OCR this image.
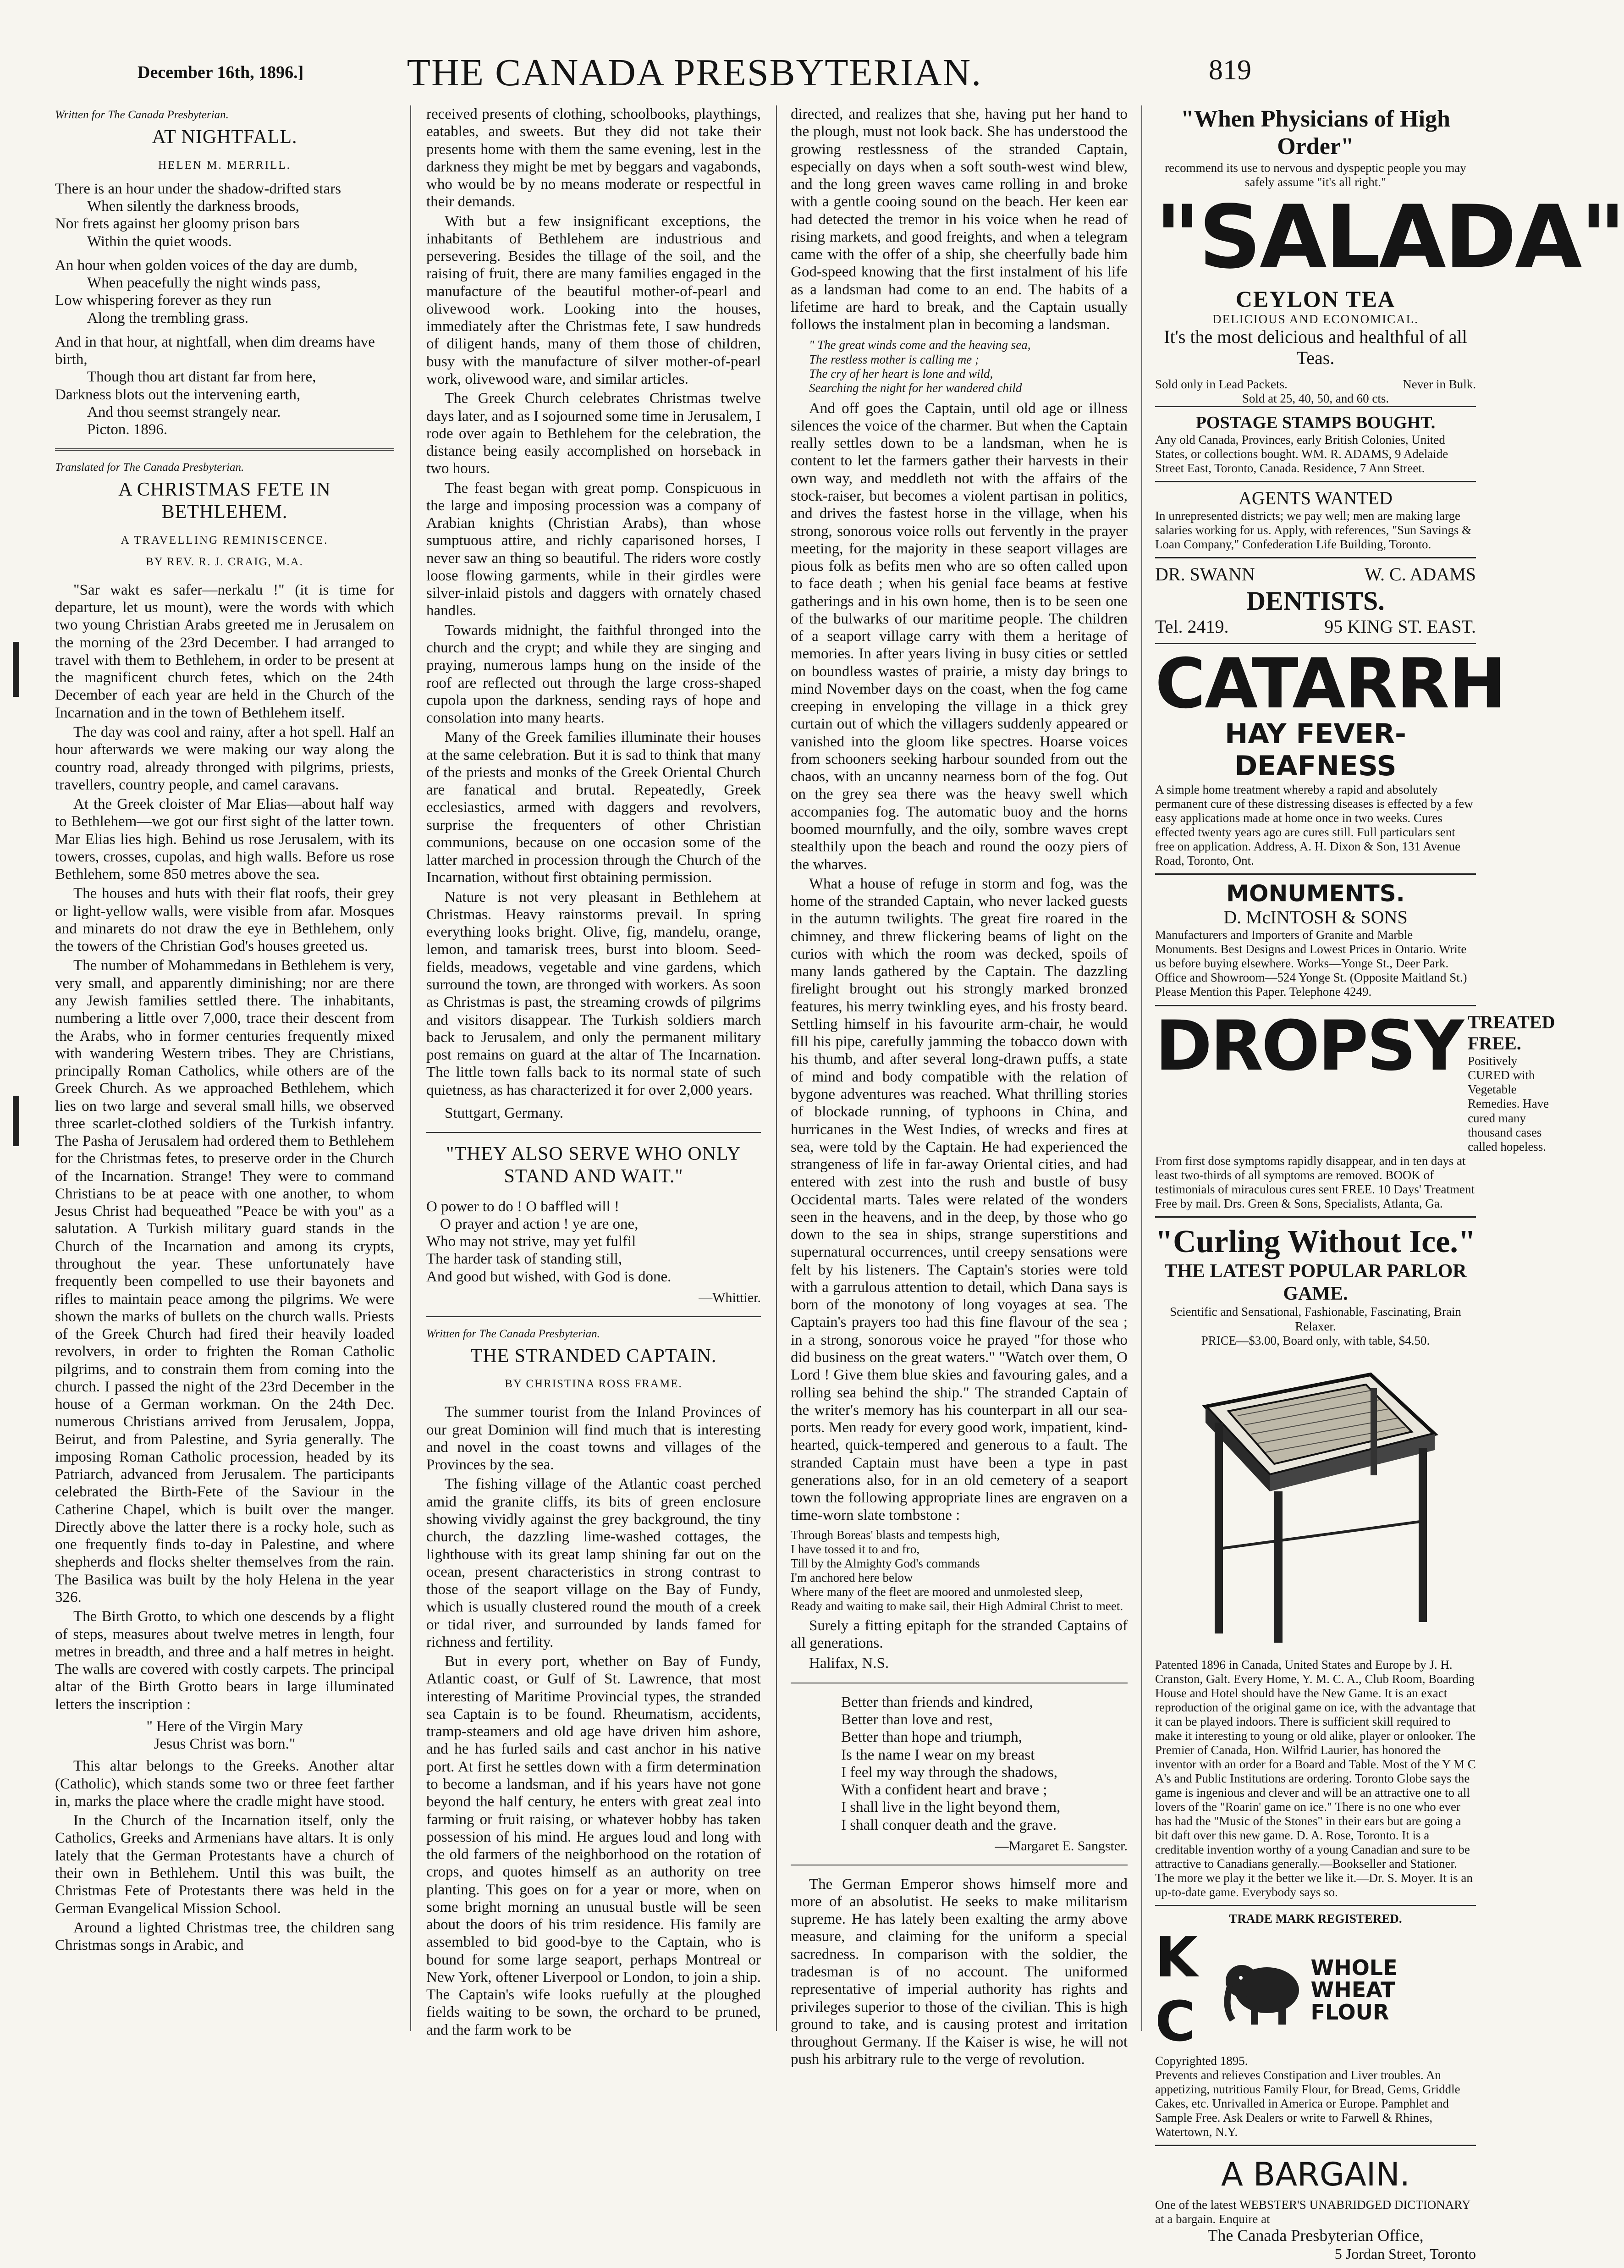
December 16th, 1896.]	THE CANADA PRESBYTERIAN.	819
Written for The Canada Presbyterian.
AT NIGHTFALL.
HELEN M. MERRILL.
There is an hour under the shadow-drifted stars
When silently the darkness broods,
Nor frets against her gloomy prison bars
Within the quiet woods.
An hour when golden voices of the day are dumb,
When peacefully the night winds pass,
Low whispering forever as they run
Along the trembling grass.
And in that hour, at nightfall, when dim dreams have birth,
Though thou art distant far from here,
Darkness blots out the intervening earth,
And thou seemst strangely near.
Picton. 1896.
Translated for The Canada Presbyterian.
A CHRISTMAS FETE IN BETHLEHEM.
A TRAVELLING REMINISCENCE.
BY REV. R. J. CRAIG, M.A.

"Sar wakt es safer—nerkalu !" (it is time for departure, let us mount), were the words with which two young Christian Arabs greeted me in Jerusalem on the morning of the 23rd December. I had arranged to travel with them to Bethlehem, in order to be present at the magnificent church fetes, which on the 24th December of each year are held in the Church of the Incarnation and in the town of Bethlehem itself.

The day was cool and rainy, after a hot spell. Half an hour afterwards we were making our way along the country road, already thronged with pilgrims, priests, travellers, country people, and camel caravans.

At the Greek cloister of Mar Elias—about half way to Bethlehem—we got our first sight of the latter town. Mar Elias lies high. Behind us rose Jerusalem, with its towers, crosses, cupolas, and high walls. Before us rose Bethlehem, some 850 metres above the sea.

The houses and huts with their flat roofs, their grey or light-yellow walls, were visible from afar. Mosques and minarets do not draw the eye in Bethlehem, only the towers of the Christian God's houses greeted us.

The number of Mohammedans in Bethlehem is very, very small, and apparently diminishing; nor are there any Jewish families settled there. The inhabitants, numbering a little over 7,000, trace their descent from the Arabs, who in former centuries frequently mixed with wandering Western tribes. They are Christians, principally Roman Catholics, while others are of the Greek Church. As we approached Bethlehem, which lies on two large and several small hills, we observed three scarlet-clothed soldiers of the Turkish infantry. The Pasha of Jerusalem had ordered them to Bethlehem for the Christmas fetes, to preserve order in the Church of the Incarnation. Strange! They were to command Christians to be at peace with one another, to whom Jesus Christ had bequeathed "Peace be with you" as a salutation. A Turkish military guard stands in the Church of the Incarnation and among its crypts, throughout the year. These unfortunately have frequently been compelled to use their bayonets and rifles to maintain peace among the pilgrims. We were shown the marks of bullets on the church walls. Priests of the Greek Church had fired their heavily loaded revolvers, in order to frighten the Roman Catholic pilgrims, and to constrain them from coming into the church. I passed the night of the 23rd December in the house of a German workman. On the 24th Dec. numerous Christians arrived from Jerusalem, Joppa, Beirut, and from Palestine, and Syria generally. The imposing Roman Catholic procession, headed by its Patriarch, advanced from Jerusalem. The participants celebrated the Birth-Fete of the Saviour in the Catherine Chapel, which is built over the manger. Directly above the latter there is a rocky hole, such as one frequently finds to-day in Palestine, and where shepherds and flocks shelter themselves from the rain. The Basilica was built by the holy Helena in the year 326.

The Birth Grotto, to which one descends by a flight of steps, measures about twelve metres in length, four metres in breadth, and three and a half metres in height. The walls are covered with costly carpets. The principal altar of the Birth Grotto bears in large illuminated letters the inscription :

" Here of the Virgin Mary
Jesus Christ was born."

This altar belongs to the Greeks. Another altar (Catholic), which stands some two or three feet farther in, marks the place where the cradle might have stood.

In the Church of the Incarnation itself, only the Catholics, Greeks and Armenians have altars. It is only lately that the German Protestants have a church of their own in Bethlehem. Until this was built, the Christmas Fete of Protestants there was held in the German Evangelical Mission School.

Around a lighted Christmas tree, the children sang Christmas songs in Arabic, and

received presents of clothing, schoolbooks, playthings, eatables, and sweets. But they did not take their presents home with them the same evening, lest in the darkness they might be met by beggars and vagabonds, who would be by no means moderate or respectful in their demands.

With but a few insignificant exceptions, the inhabitants of Bethlehem are industrious and persevering. Besides the tillage of the soil, and the raising of fruit, there are many families engaged in the manufacture of the beautiful mother-of-pearl and olivewood work. Looking into the houses, immediately after the Christmas fete, I saw hundreds of diligent hands, many of them those of children, busy with the manufacture of silver mother-of-pearl work, olivewood ware, and similar articles.

The Greek Church celebrates Christmas twelve days later, and as I sojourned some time in Jerusalem, I rode over again to Bethlehem for the celebration, the distance being easily accomplished on horseback in two hours.

The feast began with great pomp. Conspicuous in the large and imposing procession was a company of Arabian knights (Christian Arabs), than whose sumptuous attire, and richly caparisoned horses, I never saw an thing so beautiful. The riders wore costly loose flowing garments, while in their girdles were silver-inlaid pistols and daggers with ornately chased handles.

Towards midnight, the faithful thronged into the church and the crypt; and while they are singing and praying, numerous lamps hung on the inside of the roof are reflected out through the large cross-shaped cupola upon the darkness, sending rays of hope and consolation into many hearts.

Many of the Greek families illuminate their houses at the same celebration. But it is sad to think that many of the priests and monks of the Greek Oriental Church are fanatical and brutal. Repeatedly, Greek ecclesiastics, armed with daggers and revolvers, surprise the frequenters of other Christian communions, because on one occasion some of the latter marched in procession through the Church of the Incarnation, without first obtaining permission.

Nature is not very pleasant in Bethlehem at Christmas. Heavy rainstorms prevail. In spring everything looks bright. Olive, fig, mandelu, orange, lemon, and tamarisk trees, burst into bloom. Seed-fields, meadows, vegetable and vine gardens, which surround the town, are thronged with workers. As soon as Christmas is past, the streaming crowds of pilgrims and visitors disappear. The Turkish soldiers march back to Jerusalem, and only the permanent military post remains on guard at the altar of The Incarnation. The little town falls back to its normal state of such quietness, as has characterized it for over 2,000 years.

Stuttgart, Germany.
"THEY ALSO SERVE WHO ONLY STAND AND WAIT."
O power to do ! O baffled will !
O prayer and action ! ye are one,
Who may not strive, may yet fulfil
The harder task of standing still,
And good but wished, with God is done.
—Whittier.
Written for The Canada Presbyterian.
THE STRANDED CAPTAIN.
BY CHRISTINA ROSS FRAME.

The summer tourist from the Inland Provinces of our great Dominion will find much that is interesting and novel in the coast towns and villages of the Provinces by the sea.

The fishing village of the Atlantic coast perched amid the granite cliffs, its bits of green enclosure showing vividly against the grey background, the tiny church, the dazzling lime-washed cottages, the lighthouse with its great lamp shining far out on the ocean, present characteristics in strong contrast to those of the seaport village on the Bay of Fundy, which is usually clustered round the mouth of a creek or tidal river, and surrounded by lands famed for richness and fertility.

But in every port, whether on Bay of Fundy, Atlantic coast, or Gulf of St. Lawrence, that most interesting of Maritime Provincial types, the stranded sea Captain is to be found. Rheumatism, accidents, tramp-steamers and old age have driven him ashore, and he has furled sails and cast anchor in his native port. At first he settles down with a firm determination to become a landsman, and if his years have not gone beyond the half century, he enters with great zeal into farming or fruit raising, or whatever hobby has taken possession of his mind. He argues loud and long with the old farmers of the neighborhood on the rotation of crops, and quotes himself as an authority on tree planting. This goes on for a year or more, when on some bright morning an unusual bustle will be seen about the doors of his trim residence. His family are assembled to bid good-bye to the Captain, who is bound for some large seaport, perhaps Montreal or New York, oftener Liverpool or London, to join a ship. The Captain's wife looks ruefully at the ploughed fields waiting to be sown, the orchard to be pruned, and the farm work to be

directed, and realizes that she, having put her hand to the plough, must not look back. She has understood the growing restlessness of the stranded Captain, especially on days when a soft south-west wind blew, and the long green waves came rolling in and broke with a gentle cooing sound on the beach. Her keen ear had detected the tremor in his voice when he read of rising markets, and good freights, and when a telegram came with the offer of a ship, she cheerfully bade him God-speed knowing that the first instalment of his life as a landsman had come to an end. The habits of a lifetime are hard to break, and the Captain usually follows the instalment plan in becoming a landsman.

" The great winds come and the heaving sea,
The restless mother is calling me ;
The cry of her heart is lone and wild,
Searching the night for her wandered child

And off goes the Captain, until old age or illness silences the voice of the charmer. But when the Captain really settles down to be a landsman, when he is content to let the farmers gather their harvests in their own way, and meddleth not with the affairs of the stock-raiser, but becomes a violent partisan in politics, and drives the fastest horse in the village, when his strong, sonorous voice rolls out fervently in the prayer meeting, for the majority in these seaport villages are pious folk as befits men who are so often called upon to face death ; when his genial face beams at festive gatherings and in his own home, then is to be seen one of the bulwarks of our maritime people. The children of a seaport village carry with them a heritage of memories. In after years living in busy cities or settled on boundless wastes of prairie, a misty day brings to mind November days on the coast, when the fog came creeping in enveloping the village in a thick grey curtain out of which the villagers suddenly appeared or vanished into the gloom like spectres. Hoarse voices from schooners seeking harbour sounded from out the chaos, with an uncanny nearness born of the fog. Out on the grey sea there was the heavy swell which accompanies fog. The automatic buoy and the horns boomed mournfully, and the oily, sombre waves crept stealthily upon the beach and round the oozy piers of the wharves.

What a house of refuge in storm and fog, was the home of the stranded Captain, who never lacked guests in the autumn twilights. The great fire roared in the chimney, and threw flickering beams of light on the curios with which the room was decked, spoils of many lands gathered by the Captain. The dazzling firelight brought out his strongly marked bronzed features, his merry twinkling eyes, and his frosty beard. Settling himself in his favourite arm-chair, he would fill his pipe, carefully jamming the tobacco down with his thumb, and after several long-drawn puffs, a state of mind and body compatible with the relation of bygone adventures was reached. What thrilling stories of blockade running, of typhoons in China, and hurricanes in the West Indies, of wrecks and fires at sea, were told by the Captain. He had experienced the strangeness of life in far-away Oriental cities, and had entered with zest into the rush and bustle of busy Occidental marts. Tales were related of the wonders seen in the heavens, and in the deep, by those who go down to the sea in ships, strange superstitions and supernatural occurrences, until creepy sensations were felt by his listeners. The Captain's stories were told with a garrulous attention to detail, which Dana says is born of the monotony of long voyages at sea. The Captain's prayers too had this fine flavour of the sea ; in a strong, sonorous voice he prayed "for those who did business on the great waters." "Watch over them, O Lord ! Give them blue skies and favouring gales, and a rolling sea behind the ship." The stranded Captain of the writer's memory has his counterpart in all our sea-ports. Men ready for every good work, impatient, kind-hearted, quick-tempered and generous to a fault. The stranded Captain must have been a type in past generations also, for in an old cemetery of a seaport town the following appropriate lines are engraven on a time-worn slate tombstone :

Through Boreas' blasts and tempests high,
I have tossed it to and fro,
Till by the Almighty God's commands
I'm anchored here below
Where many of the fleet are moored and unmolested sleep,
Ready and waiting to make sail, their High Admiral Christ to meet.

Surely a fitting epitaph for the stranded Captains of all generations.

Halifax, N.S.
Better than friends and kindred,
Better than love and rest,
Better than hope and triumph,
Is the name I wear on my breast
I feel my way through the shadows,
With a confident heart and brave ;
I shall live in the light beyond them,
I shall conquer death and the grave.
—Margaret E. Sangster.

The German Emperor shows himself more and more of an absolutist. He seeks to make militarism supreme. He has lately been exalting the army above measure, and claiming for the uniform a special sacredness. In comparison with the soldier, the tradesman is of no account. The uniformed representative of imperial authority has rights and privileges superior to those of the civilian. This is high ground to take, and is causing protest and irritation throughout Germany. If the Kaiser is wise, he will not push his arbitrary rule to the verge of revolution.

"When Physicians of High Order"
recommend its use to nervous and dyspeptic people you may safely assume "it's all right."
"SALADA"
CEYLON TEA
DELICIOUS AND ECONOMICAL.
It's the most delicious and healthful of all Teas.
Sold only in Lead Packets.	Never in Bulk.
Sold at 25, 40, 50, and 60 cts.
POSTAGE STAMPS BOUGHT.
Any old Canada, Provinces, early British Colonies, United States, or collections bought. WM. R. ADAMS, 9 Adelaide Street East, Toronto, Canada. Residence, 7 Ann Street.
AGENTS WANTED
In unrepresented districts; we pay well; men are making large salaries working for us. Apply, with references, "Sun Savings & Loan Company," Confederation Life Building, Toronto.
DR. SWANN	W. C. ADAMS
DENTISTS.
Tel. 2419.	95 KING ST. EAST.
CATARRH
HAY FEVER-DEAFNESS
A simple home treatment whereby a rapid and absolutely permanent cure of these distressing diseases is effected by a few easy applications made at home once in two weeks. Cures effected twenty years ago are cures still. Full particulars sent free on application. Address, A. H. Dixon & Son, 131 Avenue Road, Toronto, Ont.
MONUMENTS.
D. McINTOSH & SONS
Manufacturers and Importers of Granite and Marble Monuments. Best Designs and Lowest Prices in Ontario. Write us before buying elsewhere. Works—Yonge St., Deer Park. Office and Showroom—524 Yonge St. (Opposite Maitland St.) Please Mention this Paper. Telephone 4249.
DROPSY TREATED FREE.
Positively CURED with Vegetable Remedies. Have cured many thousand cases called hopeless.
From first dose symptoms rapidly disappear, and in ten days at least two-thirds of all symptoms are removed. BOOK of testimonials of miraculous cures sent FREE. 10 Days' Treatment Free by mail. Drs. Green & Sons, Specialists, Atlanta, Ga.
"Curling Without Ice."
THE LATEST POPULAR PARLOR GAME.
Scientific and Sensational, Fashionable, Fascinating, Brain Relaxer.
PRICE—$3.00, Board only, with table, $4.50.
Patented 1896 in Canada, United States and Europe by J. H. Cranston, Galt. Every Home, Y. M. C. A., Club Room, Boarding House and Hotel should have the New Game. It is an exact reproduction of the original game on ice, with the advantage that it can be played indoors. There is sufficient skill required to make it interesting to young or old alike, player or onlooker. The Premier of Canada, Hon. Wilfrid Laurier, has honored the inventor with an order for a Board and Table. Most of the Y M C A's and Public Institutions are ordering. Toronto Globe says the game is ingenious and clever and will be an attractive one to all lovers of the "Roarin' game on ice." There is no one who ever has had the "Music of the Stones" in their ears but are going a bit daft over this new game. D. A. Rose, Toronto. It is a creditable invention worthy of a young Canadian and sure to be attractive to Canadians generally.—Bookseller and Stationer. The more we play it the better we like it.—Dr. S. Moyer. It is an up-to-date game. Everybody says so.
TRADE MARK REGISTERED.
K C
WHOLE WHEAT FLOUR
Copyrighted 1895.
Prevents and relieves Constipation and Liver troubles. An appetizing, nutritious Family Flour, for Bread, Gems, Griddle Cakes, etc. Unrivalled in America or Europe. Pamphlet and Sample Free. Ask Dealers or write to Farwell & Rhines, Watertown, N.Y.
A BARGAIN.
One of the latest WEBSTER'S UNABRIDGED DICTIONARY at a bargain. Enquire at
The Canada Presbyterian Office,
5 Jordan Street, Toronto
